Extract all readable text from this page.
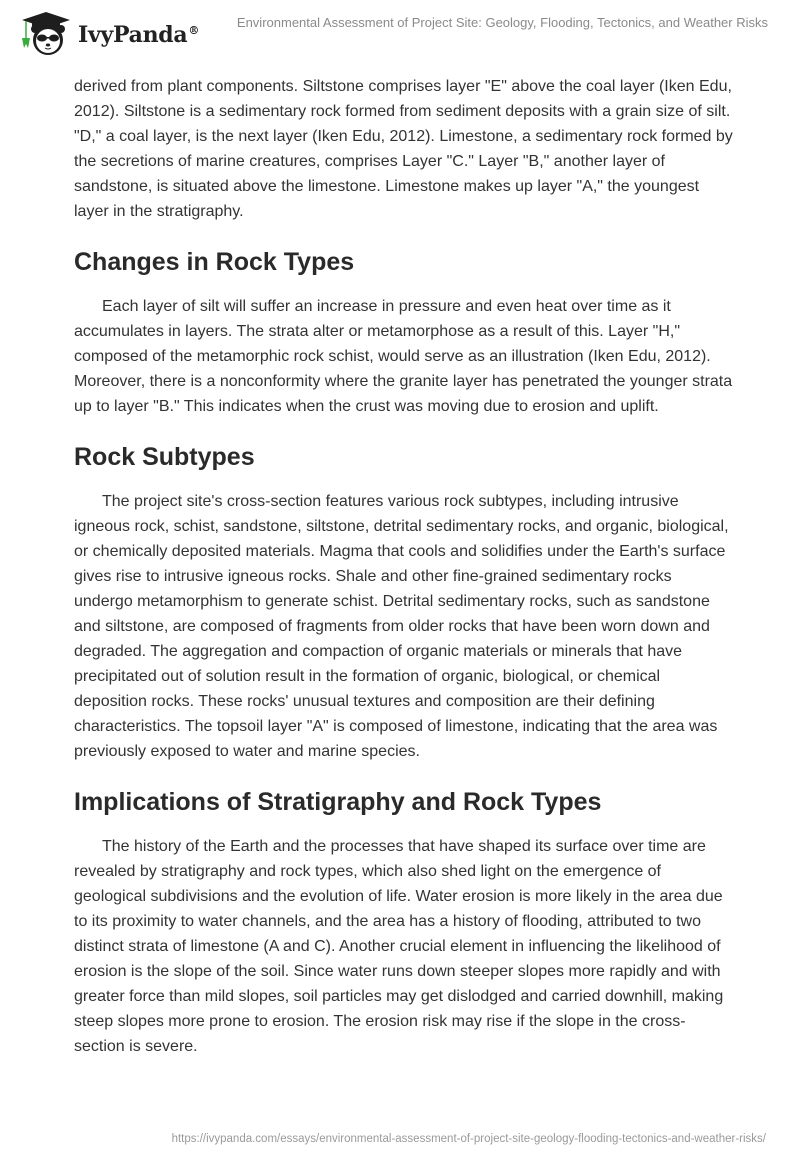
IvyPanda®
Environmental Assessment of Project Site: Geology, Flooding, Tectonics, and Weather Risks

derived from plant components. Siltstone comprises layer "E" above the coal layer (Iken Edu, 2012). Siltstone is a sedimentary rock formed from sediment deposits with a grain size of silt. "D," a coal layer, is the next layer (Iken Edu, 2012). Limestone, a sedimentary rock formed by the secretions of marine creatures, comprises Layer "C." Layer "B," another layer of sandstone, is situated above the limestone. Limestone makes up layer "A," the youngest layer in the stratigraphy.

Changes in Rock Types

Each layer of silt will suffer an increase in pressure and even heat over time as it accumulates in layers. The strata alter or metamorphose as a result of this. Layer "H," composed of the metamorphic rock schist, would serve as an illustration (Iken Edu, 2012). Moreover, there is a nonconformity where the granite layer has penetrated the younger strata up to layer "B." This indicates when the crust was moving due to erosion and uplift.

Rock Subtypes

The project site's cross-section features various rock subtypes, including intrusive igneous rock, schist, sandstone, siltstone, detrital sedimentary rocks, and organic, biological, or chemically deposited materials. Magma that cools and solidifies under the Earth's surface gives rise to intrusive igneous rocks. Shale and other fine-grained sedimentary rocks undergo metamorphism to generate schist. Detrital sedimentary rocks, such as sandstone and siltstone, are composed of fragments from older rocks that have been worn down and degraded. The aggregation and compaction of organic materials or minerals that have precipitated out of solution result in the formation of organic, biological, or chemical deposition rocks. These rocks' unusual textures and composition are their defining characteristics. The topsoil layer "A" is composed of limestone, indicating that the area was previously exposed to water and marine species.

Implications of Stratigraphy and Rock Types

The history of the Earth and the processes that have shaped its surface over time are revealed by stratigraphy and rock types, which also shed light on the emergence of geological subdivisions and the evolution of life. Water erosion is more likely in the area due to its proximity to water channels, and the area has a history of flooding, attributed to two distinct strata of limestone (A and C). Another crucial element in influencing the likelihood of erosion is the slope of the soil. Since water runs down steeper slopes more rapidly and with greater force than mild slopes, soil particles may get dislodged and carried downhill, making steep slopes more prone to erosion. The erosion risk may rise if the slope in the cross-section is severe.

https://ivypanda.com/essays/environmental-assessment-of-project-site-geology-flooding-tectonics-and-weather-risks/
